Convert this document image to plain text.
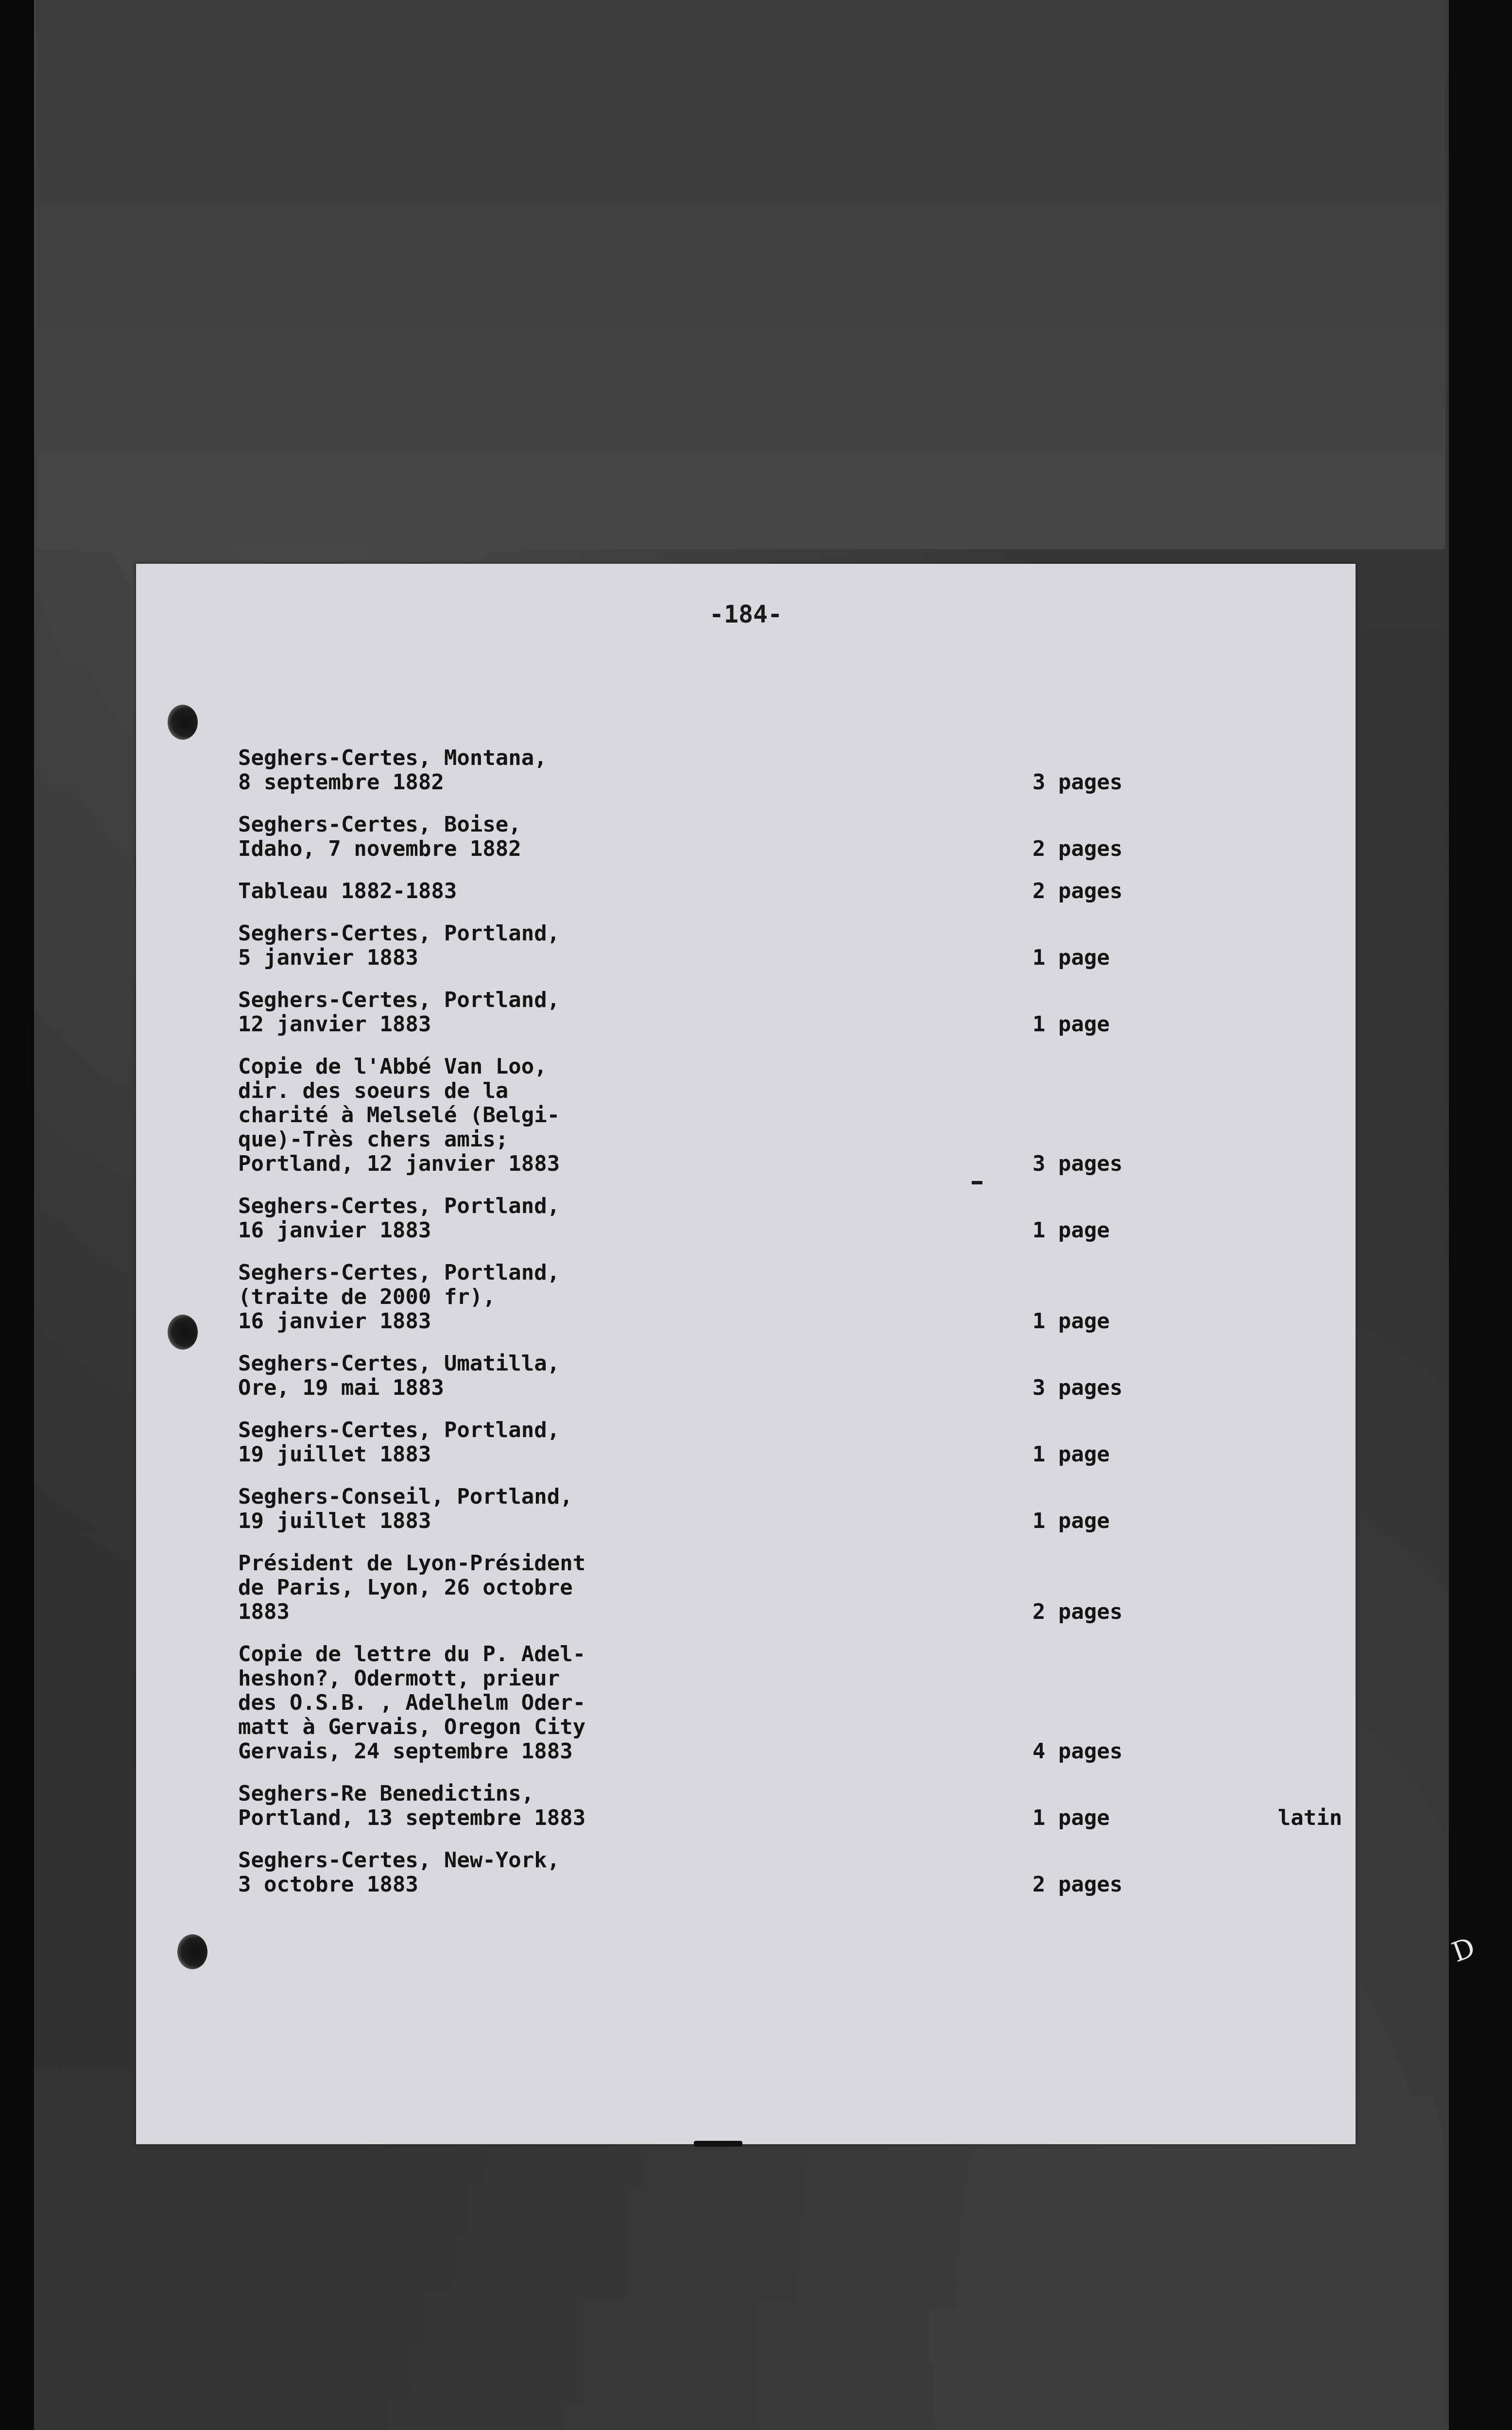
-184-

Seghers-Certes, Montana,
8 septembre 1882	3 pages

Seghers-Certes, Boise,
Idaho, 7 novembre 1882	2 pages

Tableau 1882-1883	2 pages

Seghers-Certes, Portland,
5 janvier 1883	1 page

Seghers-Certes, Portland,
12 janvier 1883	1 page

Copie de l'Abbé Van Loo,
dir. des soeurs de la
charité à Melselé (Belgi-
que)-Très chers amis;
Portland, 12 janvier 1883	3 pages

Seghers-Certes, Portland,
16 janvier 1883	1 page

Seghers-Certes, Portland,
(traite de 2000 fr),
16 janvier 1883	1 page

Seghers-Certes, Umatilla,
Ore, 19 mai 1883	3 pages

Seghers-Certes, Portland,
19 juillet 1883	1 page

Seghers-Conseil, Portland,
19 juillet 1883	1 page

Président de Lyon-Président
de Paris, Lyon, 26 octobre
1883	2 pages

Copie de lettre du P. Adel-
heshon?, Odermott, prieur
des O.S.B. , Adelhelm Oder-
matt à Gervais, Oregon City
Gervais, 24 septembre 1883	4 pages

Seghers-Re Benedictins,
Portland, 13 septembre 1883	1 page	latin

Seghers-Certes, New-York,
3 octobre 1883	2 pages
D
